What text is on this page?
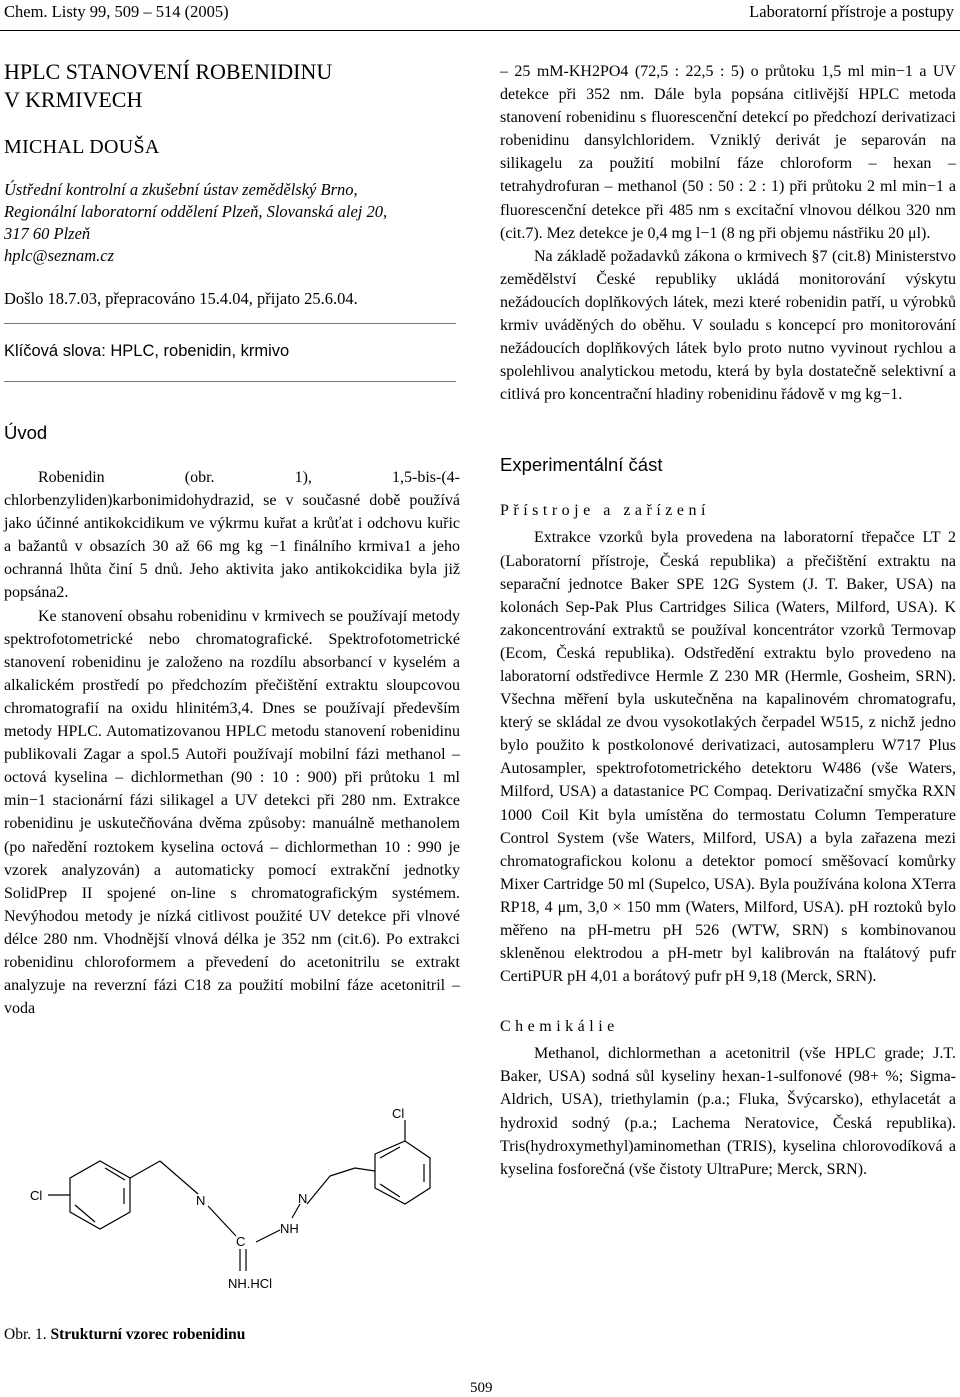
Chem. Listy 99, 509 – 514 (2005)	Laboratorní přístroje a postupy
HPLC STANOVENÍ ROBENIDINU
V KRMIVECH
MICHAL DOUŠA
Ústřední kontrolní a zkušební ústav zemědělský Brno,
Regionální laboratorní oddělení Plzeň, Slovanská alej 20,
317 60 Plzeň
hplc@seznam.cz
Došlo 18.7.03, přepracováno 15.4.04, přijato 25.6.04.
Klíčová slova: HPLC, robenidin, krmivo
Úvod

Robenidin (obr. 1), 1,5-bis-(4-chlorbenzyliden)karbonimidohydrazid, se v současné době používá jako účinné antikokcidikum ve výkrmu kuřat a krůťat i odchovu kuřic a bažantů v obsazích 30 až 66 mg kg −1 finálního krmiva1 a jeho ochranná lhůta činí 5 dnů. Jeho aktivita jako antikokcidika byla již popsána2.

Ke stanovení obsahu robenidinu v krmivech se používají metody spektrofotometrické nebo chromatografické. Spektrofotometrické stanovení robenidinu je založeno na rozdílu absorbancí v kyselém a alkalickém prostředí po předchozím přečištění extraktu sloupcovou chromatografií na oxidu hlinitém3,4. Dnes se používají především metody HPLC. Automatizovanou HPLC metodu stanovení robenidinu publikovali Zagar a spol.5 Autoři používají mobilní fázi methanol – octová kyselina – dichlormethan (90 : 10 : 900) při průtoku 1 ml min−1 stacionární fázi silikagel a UV detekci při 280 nm. Extrakce robenidinu je uskutečňována dvěma způsoby: manuálně methanolem (po naředění roztokem kyselina octová – dichlormethan 10 : 990 je vzorek analyzován) a automaticky pomocí extrakční jednotky SolidPrep II spojené on-line s chromatografickým systémem. Nevýhodou metody je nízká citlivost použité UV detekce při vlnové délce 280 nm. Vhodnější vlnová délka je 352 nm (cit.6). Po extrakci robenidinu chloroformem a převedení do acetonitrilu se extrakt analyzuje na reverzní fázi C18 za použití mobilní fáze acetonitril – voda

– 25 mM-KH2PO4 (72,5 : 22,5 : 5) o průtoku 1,5 ml min−1 a UV detekce při 352 nm. Dále byla popsána citlivější HPLC metoda stanovení robenidinu s fluorescenční detekcí po předchozí derivatizaci robenidinu dansylchloridem. Vzniklý derivát je separován na silikagelu za použití mobilní fáze chloroform – hexan – tetrahydrofuran – methanol (50 : 50 : 2 : 1) při průtoku 2 ml min−1 a fluorescenční detekce při 485 nm s excitační vlnovou délkou 320 nm (cit.7). Mez detekce je 0,4 mg l−1 (8 ng při objemu nástřiku 20 μl).

Na základě požadavků zákona o krmivech §7 (cit.8) Ministerstvo zemědělství České republiky ukládá monitorování výskytu nežádoucích doplňkových látek, mezi které robenidin patří, u výrobků krmiv uváděných do oběhu. V souladu s koncepcí pro monitorování nežádoucích doplňkových látek bylo proto nutno vyvinout rychlou a spolehlivou analytickou metodu, která by byla dostatečně selektivní a citlivá pro koncentrační hladiny robenidinu řádově v mg kg−1.

Experimentální část
Přístroje a zařízení

Extrakce vzorků byla provedena na laboratorní třepačce LT 2 (Laboratorní přístroje, Česká republika) a přečištění extraktu na separační jednotce Baker SPE 12G System (J. T. Baker, USA) na kolonách Sep-Pak Plus Cartridges Silica (Waters, Milford, USA). K zakoncentrování extraktů se používal koncentrátor vzorků Termovap (Ecom, Česká republika). Odstředění extraktu bylo provedeno na laboratorní odstředivce Hermle Z 230 MR (Hermle, Gosheim, SRN). Všechna měření byla uskutečněna na kapalinovém chromatografu, který se skládal ze dvou vysokotlakých čerpadel W515, z nichž jedno bylo použito k postkolonové derivatizaci, autosampleru W717 Plus Autosampler, spektrofotometrického detektoru W486 (vše Waters, Milford, USA) a datastanice PC Compaq. Derivatizační smyčka RXN 1000 Coil Kit byla umístěna do termostatu Column Temperature Control System (vše Waters, Milford, USA) a byla zařazena mezi chromatografickou kolonu a detektor pomocí směšovací komůrky Mixer Cartridge 50 ml (Supelco, USA). Byla používána kolona XTerra RP18, 4 μm, 3,0 × 150 mm (Waters, Milford, USA). pH roztoků bylo měřeno na pH-metru pH 526 (WTW, SRN) s kombinovanou skleněnou elektrodou a pH-metr byl kalibrován na ftalátový pufr CertiPUR pH 4,01 a borátový pufr pH 9,18 (Merck, SRN).

Chemikálie

Methanol, dichlormethan a acetonitril (vše HPLC grade; J.T. Baker, USA) sodná sůl kyseliny hexan-1-sulfonové (98+ %; Sigma-Aldrich, USA), triethylamin (p.a.; Fluka, Švýcarsko), ethylacetát a hydroxid sodný (p.a.; Lachema Neratovice, Česká republika). Tris(hydroxymethyl)aminomethan (TRIS), kyselina chlorovodíková a kyselina fosforečná (vše čistoty UltraPure; Merck, SRN).

Cl
Cl
N	N
C
NH
NH.HCl
Obr. 1. Strukturní vzorec robenidinu
509
